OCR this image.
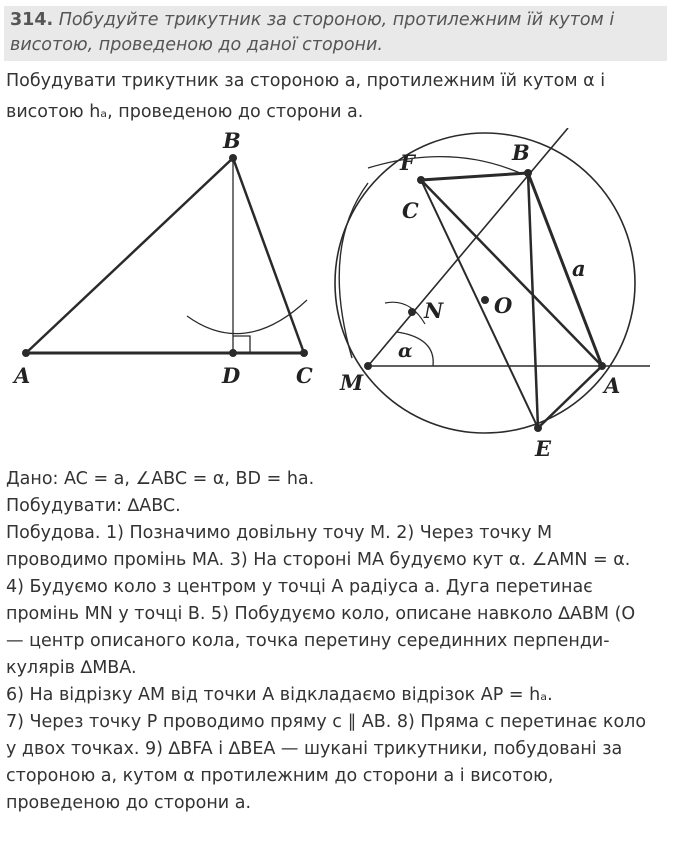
314. Побудуйте трикутник за стороною, протилежним їй кутом і висотою, проведеною до даної сторони.
Побудувати трикутник за стороною a, протилежним їй кутом α і
висотою hₐ, проведеною до сторони a.
A
B
C
D
F	B
C
N O
a
α
M	A
E

Дано: AC = a, ∠ABC = α, BD = hа.

Побудувати: ∆ABC.

Побудова. 1) Позначимо довільну точу M. 2) Через точку M

проводимо промінь MA. 3) На стороні MA будуємо кут α. ∠AMN = α.

4) Будуємо коло з центром у точці A радіуса a. Дуга перетинає

промінь MN у точці B. 5) Побудуємо коло, описане навколо ∆ABM (O

— центр описаного кола, точка перетину серединних перпенди-

кулярів ∆MBA.

6) На відрізку AM від точки A відкладаємо відрізок AP = hₐ.

7) Через точку P проводимо пряму c ∥ AB. 8) Пряма c перетинає коло

у двох точках. 9) ∆BFA і ∆BEA — шукані трикутники, побудовані за

стороною a, кутом α протилежним до сторони a і висотою,

проведеною до сторони a.
